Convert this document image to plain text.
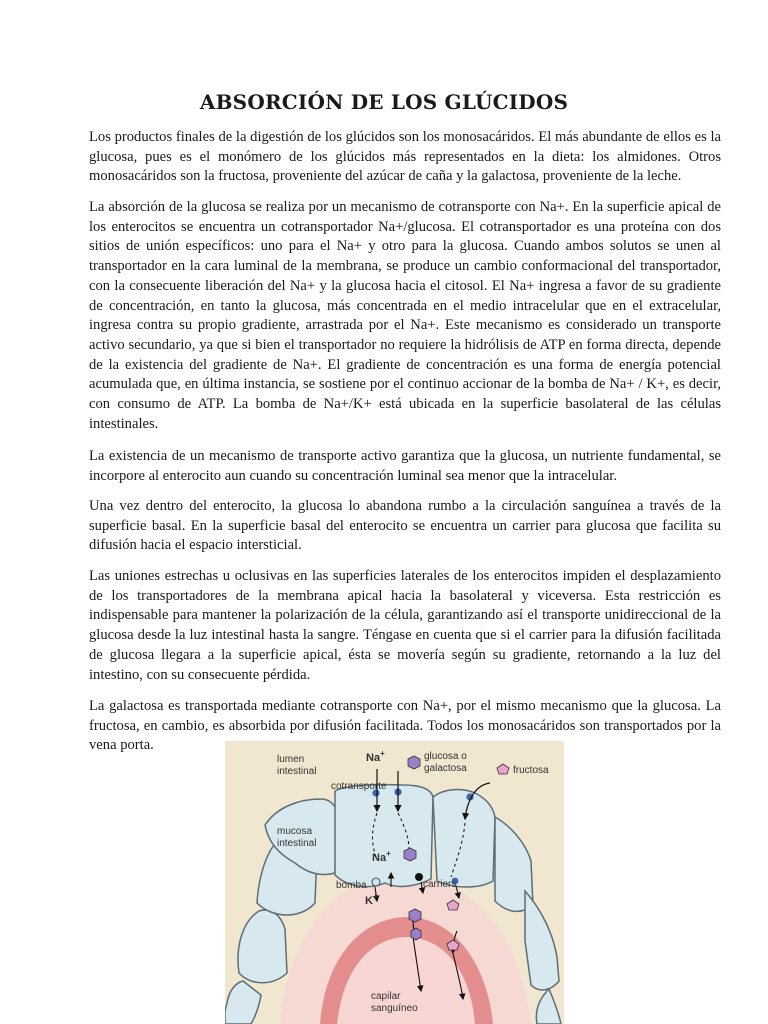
ABSORCIÓN DE LOS GLÚCIDOS

Los productos finales de la digestión de los glúcidos son los monosacáridos. El más abundante de ellos es la glucosa, pues es el monómero de los glúcidos más representados en la dieta: los almidones. Otros monosacáridos son la fructosa, proveniente del azúcar de caña y la galactosa, proveniente de la leche.

La absorción de la glucosa se realiza por un mecanismo de cotransporte con Na+. En la superficie apical de los enterocitos se encuentra un cotransportador Na+/glucosa. El cotransportador es una proteína con dos sitios de unión específicos: uno para el Na+ y otro para la glucosa. Cuando ambos solutos se unen al transportador en la cara luminal de la membrana, se produce un cambio conformacional del transportador, con la consecuente liberación del Na+ y la glucosa hacia el citosol. El Na+ ingresa a favor de su gradiente de concentración, en tanto la glucosa, más concentrada en el medio intracelular que en el extracelular, ingresa contra su propio gradiente, arrastrada por el Na+. Este mecanismo es considerado un transporte activo secundario, ya que si bien el transportador no requiere la hidrólisis de ATP en forma directa, depende de la existencia del gradiente de Na+. El gradiente de concentración es una forma de energía potencial acumulada que, en última instancia, se sostiene por el continuo accionar de la bomba de Na+ / K+, es decir, con consumo de ATP. La bomba de Na+/K+ está ubicada en la superficie basolateral de las células intestinales.

La existencia de un mecanismo de transporte activo garantiza que la glucosa, un nutriente fundamental, se incorpore al enterocito aun cuando su concentración luminal sea menor que la intracelular.

Una vez dentro del enterocito, la glucosa lo abandona rumbo a la circulación sanguínea a través de la superficie basal. En la superficie basal del enterocito se encuentra un carrier para glucosa que facilita su difusión hacia el espacio intersticial.

Las uniones estrechas u oclusivas en las superficies laterales de los enterocitos impiden el desplazamiento de los transportadores de la membrana apical hacia la basolateral y viceversa. Esta restricción es indispensable para mantener la polarización de la célula, garantizando así el transporte unidireccional de la glucosa desde la luz intestinal hasta la sangre. Téngase en cuenta que si el carrier para la difusión facilitada de glucosa llegara a la superficie apical, ésta se movería según su gradiente, retornando a la luz del intestino, con su consecuente pérdida.

La galactosa es transportada mediante cotransporte con Na+, por el mismo mecanismo que la glucosa. La fructosa, en cambio, es absorbida por difusión facilitada. Todos los monosacáridos son transportados por la vena porta.

lumen intestinal
Na+	glucosa o galactosa	fructosa
cotransporte
mucosa intestinal
Na+
bomba
K+
carriers
capilar sanguíneo
